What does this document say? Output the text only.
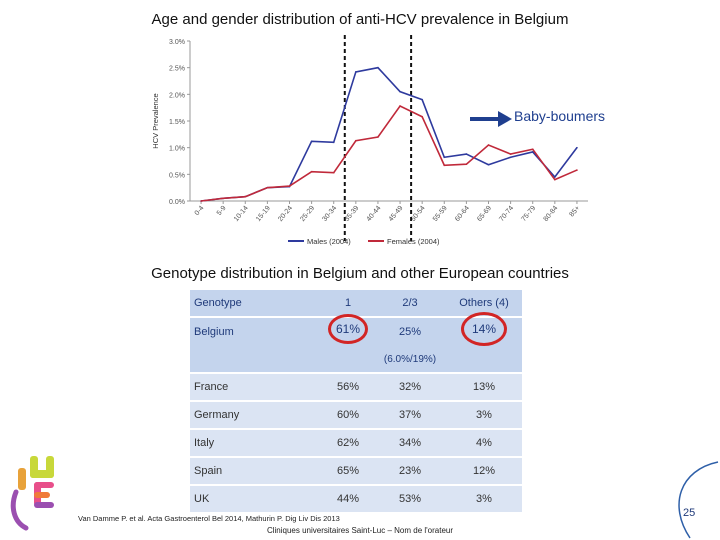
Age and gender distribution of anti-HCV prevalence in Belgium
0.0%
0.5%
1.0%
1.5%
2.0%
2.5%
3.0%
HCV Prevalence
0-4 5-9 10-14 15-19 20-24 25-29 30-34 35-39 40-44 45-49 50-54 55-59 60-64 65-69 70-74 75-79 80-84 85+
Males (2004)	Females (2004)
Baby-boumers
Genotype distribution in Belgium and other European countries
Genotype	1	2/3	Others (4)
Belgium	61%	25%	14%
		(6.0%/19%)	
France	56%	32%	13%
Germany	60%	37%	3%
Italy	62%	34%	4%
Spain	65%	23%	12%
UK	44%	53%	3%
Van Damme P. et al. Acta Gastroenterol Bel 2014, Mathurin P. Dig Liv Dis 2013
Cliniques universitaires Saint-Luc – Nom de l'orateur
25
